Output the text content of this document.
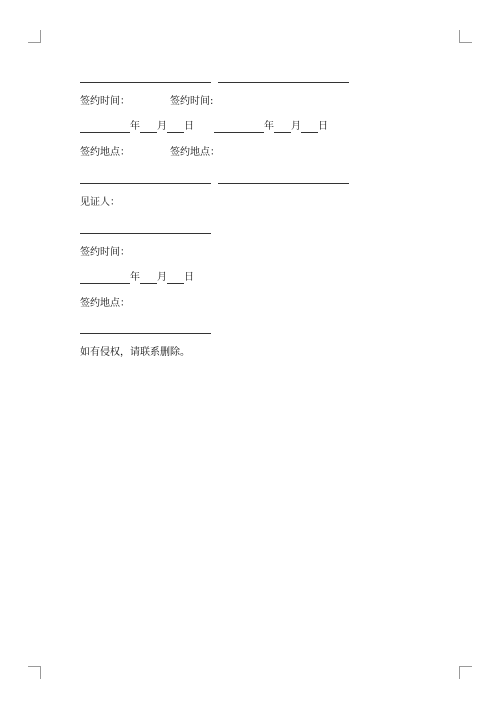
签约时间：	签约时间:
年 月 日	年 月 日
签约地点：	签约地点：
见证人：
签约时间：
年 月 日
签约地点：
如有侵权，请联系删除。
